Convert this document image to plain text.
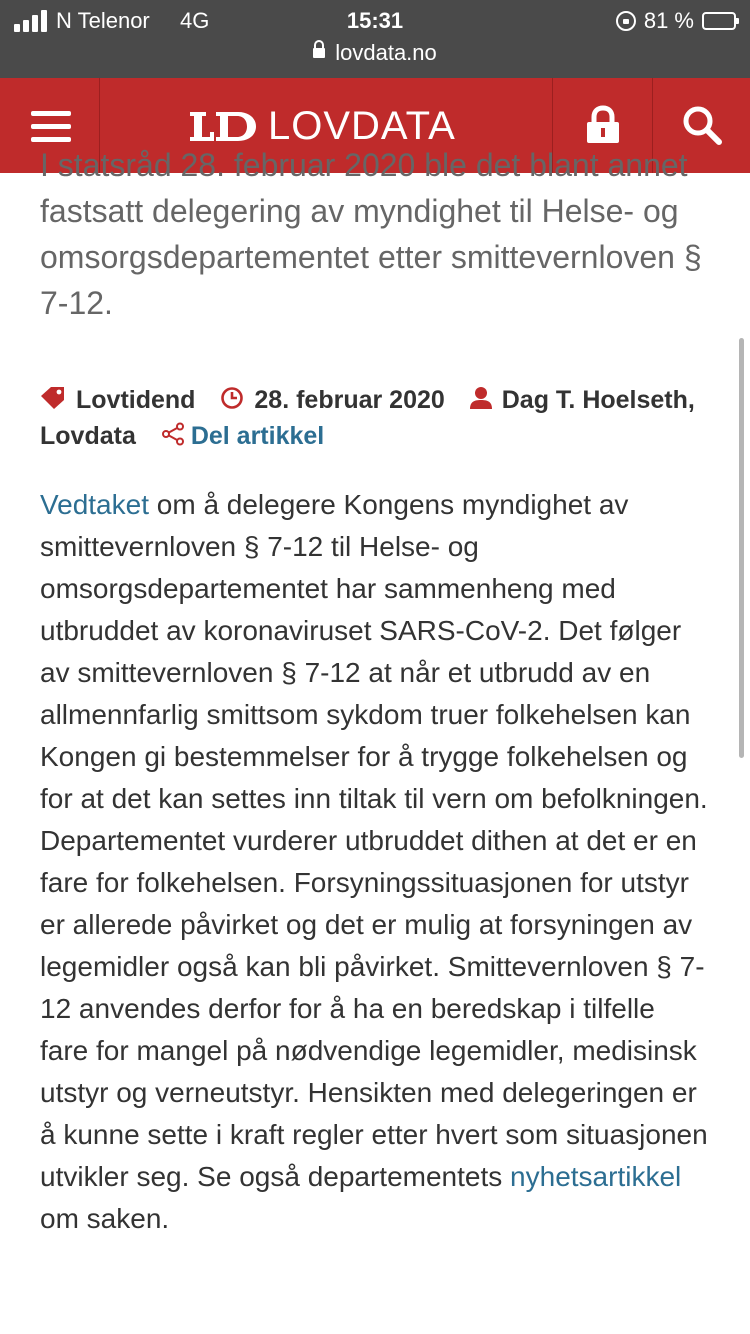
N Telenor 4G	15:31	81 %
lovdata.no
LOVDATA

I statsråd 28. februar 2020 ble det blant annet fastsatt delegering av myndighet til Helse- og omsorgsdepartementet etter smittevernloven § 7-12.

Lovtidend 28. februar 2020 Dag T. Hoelseth, Lovdata Del artikkel
Vedtaket om å delegere Kongens myndighet av smittevernloven § 7-12 til Helse- og omsorgsdepartementet har sammenheng med utbruddet av koronaviruset SARS-CoV-2. Det følger av smittevernloven § 7-12 at når et utbrudd av en allmennfarlig smittsom sykdom truer folkehelsen kan Kongen gi bestemmelser for å trygge folkehelsen og for at det kan settes inn tiltak til vern om befolkningen. Departementet vurderer utbruddet dithen at det er en fare for folkehelsen. Forsyningssituasjonen for utstyr er allerede påvirket og det er mulig at forsyningen av legemidler også kan bli påvirket. Smittevernloven § 7-12 anvendes derfor for å ha en beredskap i tilfelle fare for mangel på nødvendige legemidler, medisinsk utstyr og verneutstyr. Hensikten med delegeringen er å kunne sette i kraft regler etter hvert som situasjonen utvikler seg. Se også departementets nyhetsartikkel om saken.
